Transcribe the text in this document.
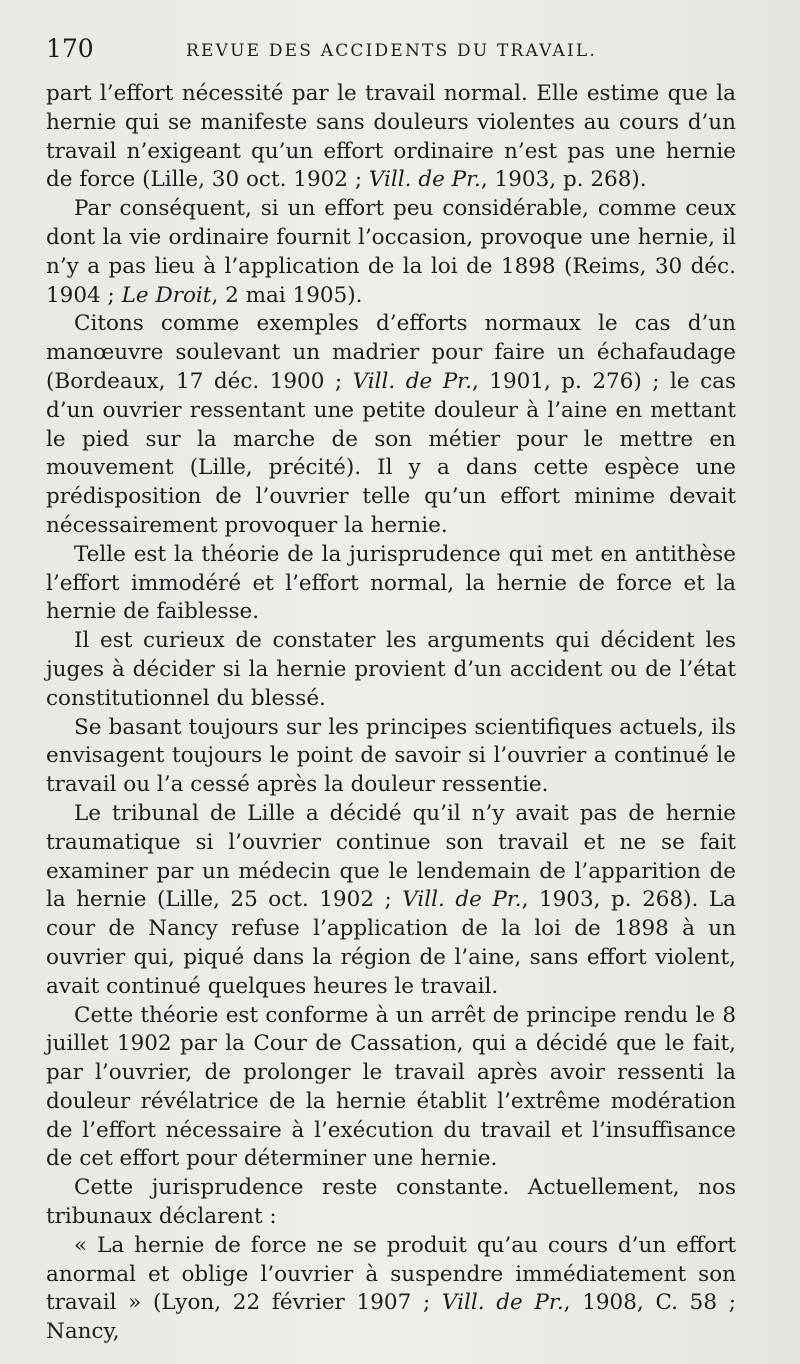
170	REVUE DES ACCIDENTS DU TRAVAIL.

part l’effort nécessité par le travail normal. Elle estime que la hernie qui se manifeste sans douleurs violentes au cours d’un travail n’exigeant qu’un effort ordinaire n’est pas une hernie de force (Lille, 30 oct. 1902 ; Vill. de Pr., 1903, p. 268).

Par conséquent, si un effort peu considérable, comme ceux dont la vie ordinaire fournit l’occasion, provoque une hernie, il n’y a pas lieu à l’application de la loi de 1898 (Reims, 30 déc. 1904 ; Le Droit, 2 mai 1905).

Citons comme exemples d’efforts normaux le cas d’un manœuvre soulevant un madrier pour faire un échafaudage (Bordeaux, 17 déc. 1900 ; Vill. de Pr., 1901, p. 276) ; le cas d’un ouvrier ressentant une petite douleur à l’aine en mettant le pied sur la marche de son métier pour le mettre en mouvement (Lille, précité). Il y a dans cette espèce une prédisposition de l’ouvrier telle qu’un effort minime devait nécessairement provoquer la hernie.

Telle est la théorie de la jurisprudence qui met en antithèse l’effort immodéré et l’effort normal, la hernie de force et la hernie de faiblesse.

Il est curieux de constater les arguments qui décident les juges à décider si la hernie provient d’un accident ou de l’état constitutionnel du blessé.

Se basant toujours sur les principes scientifiques actuels, ils envisagent toujours le point de savoir si l’ouvrier a continué le travail ou l’a cessé après la douleur ressentie.

Le tribunal de Lille a décidé qu’il n’y avait pas de hernie traumatique si l’ouvrier continue son travail et ne se fait examiner par un médecin que le lendemain de l’apparition de la hernie (Lille, 25 oct. 1902 ; Vill. de Pr., 1903, p. 268). La cour de Nancy refuse l’application de la loi de 1898 à un ouvrier qui, piqué dans la région de l’aine, sans effort violent, avait continué quelques heures le travail.

Cette théorie est conforme à un arrêt de principe rendu le 8 juillet 1902 par la Cour de Cassation, qui a décidé que le fait, par l’ouvrier, de prolonger le travail après avoir ressenti la douleur révélatrice de la hernie établit l’extrême modération de l’effort nécessaire à l’exécution du travail et l’insuffisance de cet effort pour déterminer une hernie.

Cette jurisprudence reste constante. Actuellement, nos tribunaux déclarent :

« La hernie de force ne se produit qu’au cours d’un effort anormal et oblige l’ouvrier à suspendre immédiatement son travail » (Lyon, 22 février 1907 ; Vill. de Pr., 1908, C. 58 ; Nancy,
